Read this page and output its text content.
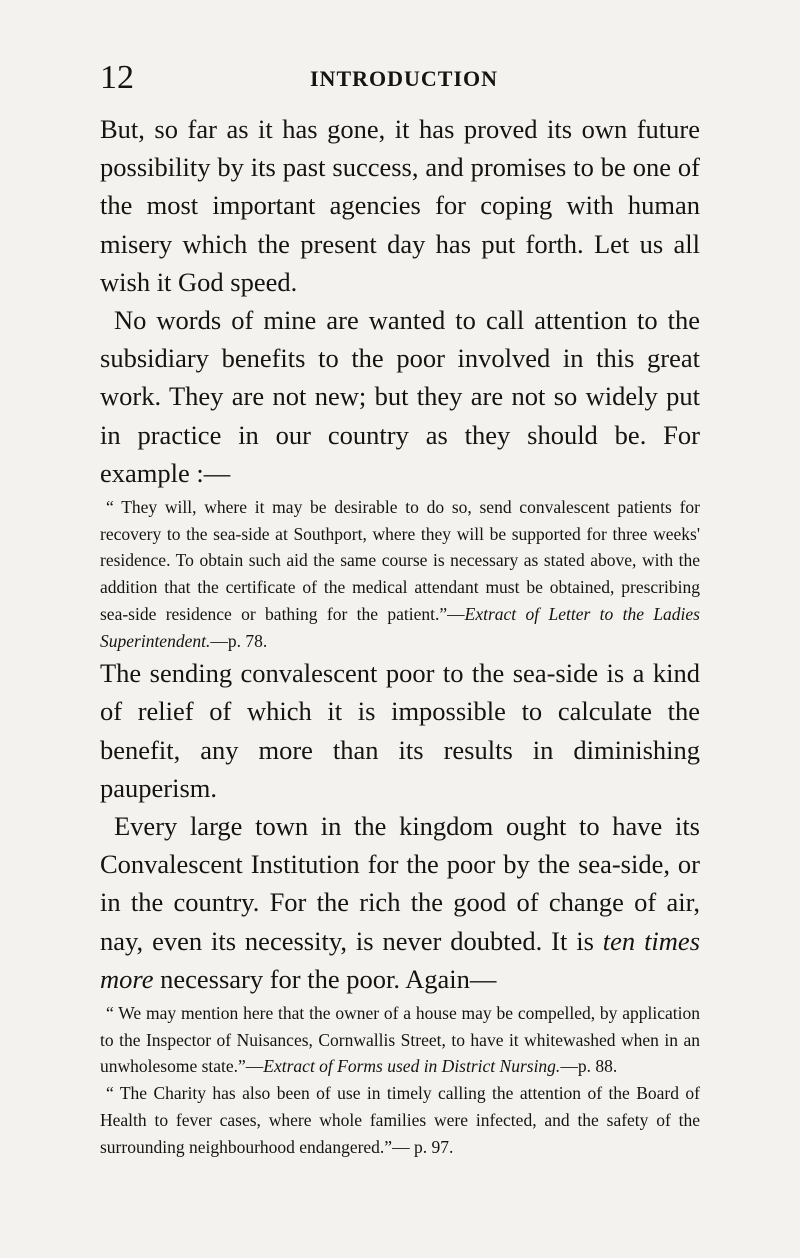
12	INTRODUCTION

But, so far as it has gone, it has proved its own future possibility by its past success, and promises to be one of the most important agencies for coping with human misery which the present day has put forth. Let us all wish it God speed.

No words of mine are wanted to call attention to the subsidiary benefits to the poor involved in this great work. They are not new; but they are not so widely put in practice in our country as they should be. For example :—

“ They will, where it may be desirable to do so, send convalescent patients for recovery to the sea-side at Southport, where they will be supported for three weeks' residence. To obtain such aid the same course is necessary as stated above, with the addition that the certificate of the medical attendant must be obtained, prescribing sea-side residence or bathing for the patient.”—Extract of Letter to the Ladies Superintendent.—p. 78.

The sending convalescent poor to the sea-side is a kind of relief of which it is impossible to calculate the benefit, any more than its results in diminishing pauperism.

Every large town in the kingdom ought to have its Convalescent Institution for the poor by the sea-side, or in the country. For the rich the good of change of air, nay, even its necessity, is never doubted. It is ten times more necessary for the poor. Again—

“ We may mention here that the owner of a house may be compelled, by application to the Inspector of Nuisances, Cornwallis Street, to have it whitewashed when in an unwholesome state.”—Extract of Forms used in District Nursing.—p. 88.

“ The Charity has also been of use in timely calling the attention of the Board of Health to fever cases, where whole families were infected, and the safety of the surrounding neighbourhood endangered.”— p. 97.
